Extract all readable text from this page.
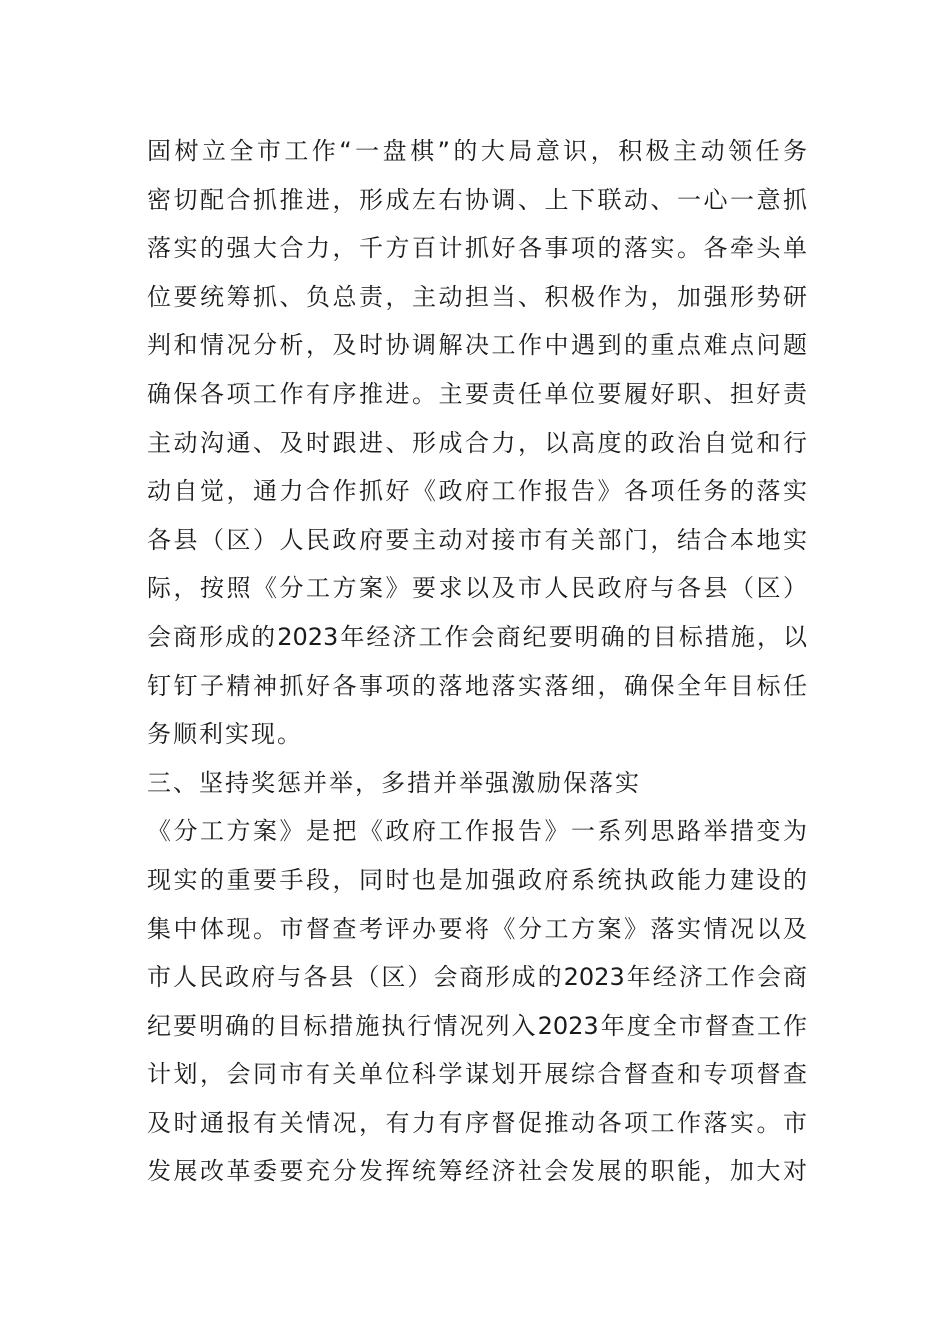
固树立全市工作“一盘棋”的大局意识，积极主动领任务
密切配合抓推进，形成左右协调、上下联动、一心一意抓
落实的强大合力，千方百计抓好各事项的落实。各牵头单
位要统筹抓、负总责，主动担当、积极作为，加强形势研
判和情况分析，及时协调解决工作中遇到的重点难点问题
确保各项工作有序推进。主要责任单位要履好职、担好责
主动沟通、及时跟进、形成合力，以高度的政治自觉和行
动自觉，通力合作抓好《政府工作报告》各项任务的落实
各县（区）人民政府要主动对接市有关部门，结合本地实
际，按照《分工方案》要求以及市人民政府与各县（区）
会商形成的2023年经济工作会商纪要明确的目标措施，以
钉钉子精神抓好各事项的落地落实落细，确保全年目标任
务顺利实现。
三、坚持奖惩并举，多措并举强激励保落实
《分工方案》是把《政府工作报告》一系列思路举措变为
现实的重要手段，同时也是加强政府系统执政能力建设的
集中体现。市督查考评办要将《分工方案》落实情况以及
市人民政府与各县（区）会商形成的2023年经济工作会商
纪要明确的目标措施执行情况列入2023年度全市督查工作
计划，会同市有关单位科学谋划开展综合督查和专项督查
及时通报有关情况，有力有序督促推动各项工作落实。市
发展改革委要充分发挥统筹经济社会发展的职能，加大对
